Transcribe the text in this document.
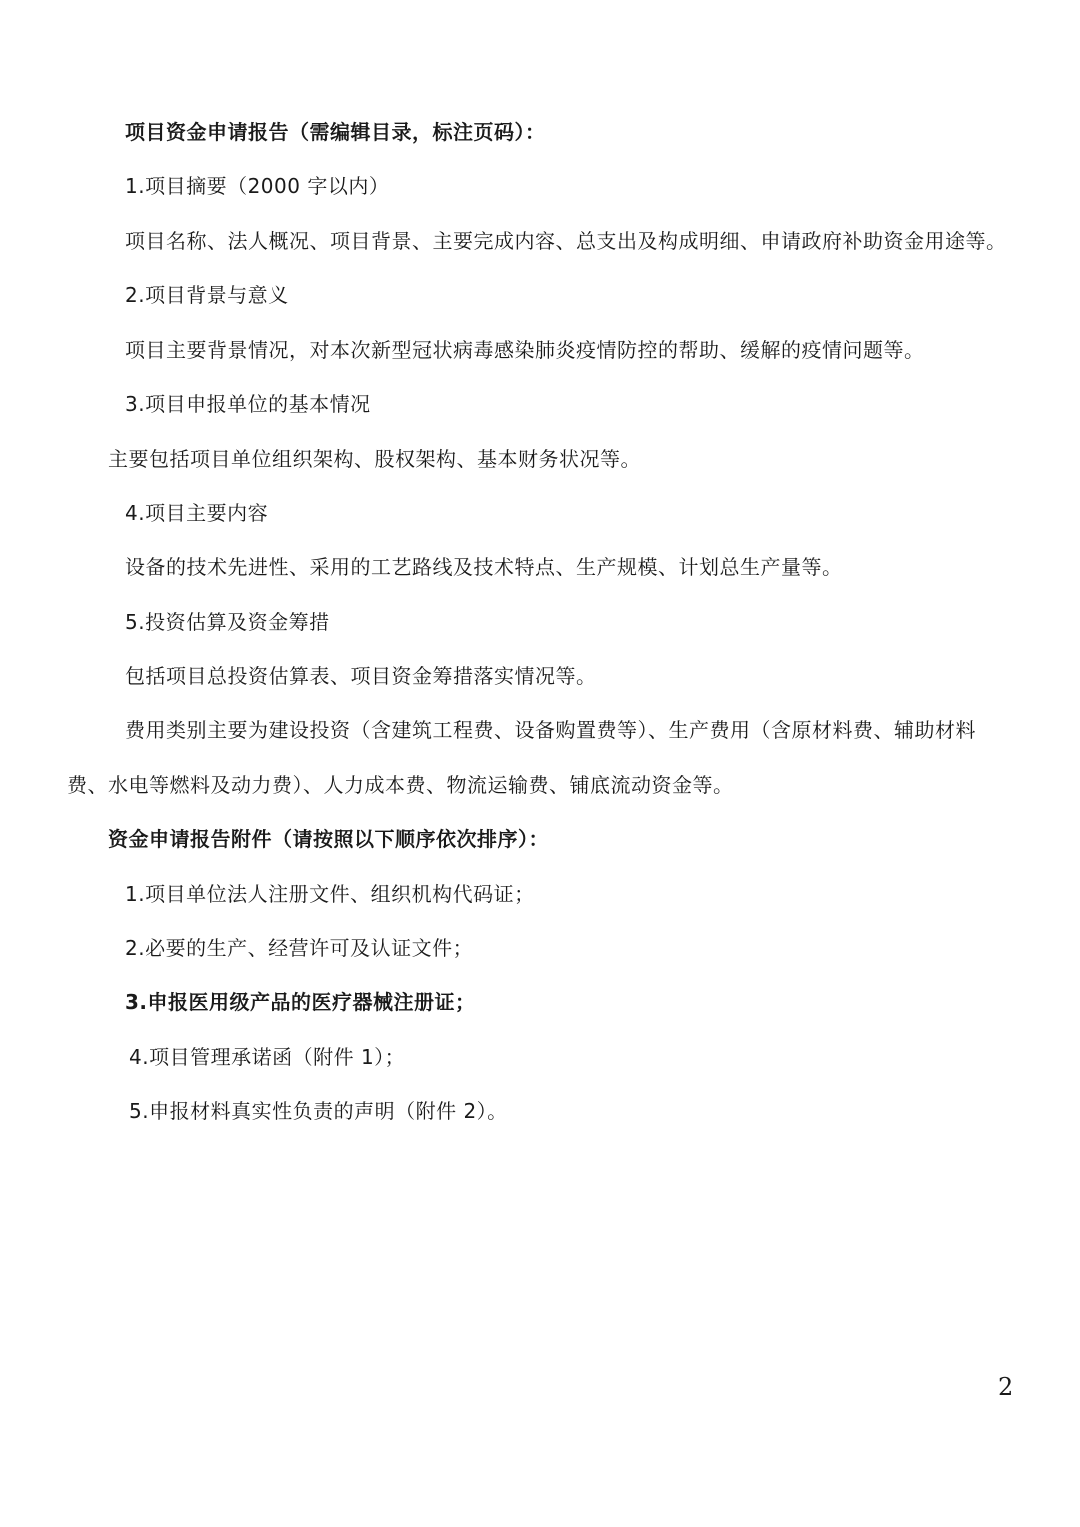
项目资金申请报告（需编辑目录，标注页码）：
1.项目摘要（2000 字以内）
项目名称、法人概况、项目背景、主要完成内容、总支出及构成明细、申请政府补助资金用途等。
2.项目背景与意义
项目主要背景情况，对本次新型冠状病毒感染肺炎疫情防控的帮助、缓解的疫情问题等。
3.项目申报单位的基本情况
主要包括项目单位组织架构、股权架构、基本财务状况等。
4.项目主要内容
设备的技术先进性、采用的工艺路线及技术特点、生产规模、计划总生产量等。
5.投资估算及资金筹措
包括项目总投资估算表、项目资金筹措落实情况等。
费用类别主要为建设投资（含建筑工程费、设备购置费等）、生产费用（含原材料费、辅助材料
费、水电等燃料及动力费）、人力成本费、物流运输费、铺底流动资金等。
资金申请报告附件（请按照以下顺序依次排序）：
1.项目单位法人注册文件、组织机构代码证；
2.必要的生产、经营许可及认证文件；
3.申报医用级产品的医疗器械注册证；
4.项目管理承诺函（附件 1）；
5.申报材料真实性负责的声明（附件 2）。
2
